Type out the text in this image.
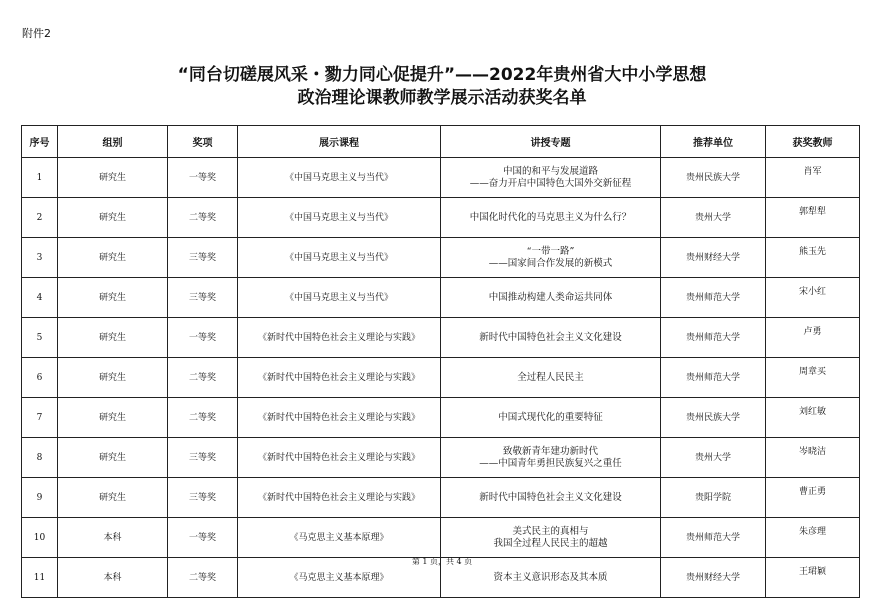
附件2
“同台切磋展风采・勠力同心促提升”——2022年贵州省大中小学思想
政治理论课教师教学展示活动获奖名单
序号	组别	奖项	展示课程	讲授专题	推荐单位	获奖教师
1	研究生	一等奖	《中国马克思主义与当代》	中国的和平与发展道路
——奋力开启中国特色大国外交新征程	贵州民族大学	肖军
2	研究生	二等奖	《中国马克思主义与当代》	中国化时代化的马克思主义为什么行？	贵州大学	郭犁犁
3	研究生	三等奖	《中国马克思主义与当代》	“一带一路”
——国家间合作发展的新模式	贵州财经大学	熊玉先
4	研究生	三等奖	《中国马克思主义与当代》	中国推动构建人类命运共同体	贵州师范大学	宋小红
5	研究生	一等奖	《新时代中国特色社会主义理论与实践》	新时代中国特色社会主义文化建设	贵州师范大学	卢勇
6	研究生	二等奖	《新时代中国特色社会主义理论与实践》	全过程人民民主	贵州师范大学	周章买
7	研究生	二等奖	《新时代中国特色社会主义理论与实践》	中国式现代化的重要特征	贵州民族大学	刘红敏
8	研究生	三等奖	《新时代中国特色社会主义理论与实践》	致敬新青年建功新时代
——中国青年勇担民族复兴之重任	贵州大学	岑晓洁
9	研究生	三等奖	《新时代中国特色社会主义理论与实践》	新时代中国特色社会主义文化建设	贵阳学院	曹正勇
10	本科	一等奖	《马克思主义基本原理》	美式民主的真相与
我国全过程人民民主的超越	贵州师范大学	朱彦理
11	本科	二等奖	《马克思主义基本原理》	资本主义意识形态及其本质	贵州财经大学	王珺颖
第 1 页，共 4 页
